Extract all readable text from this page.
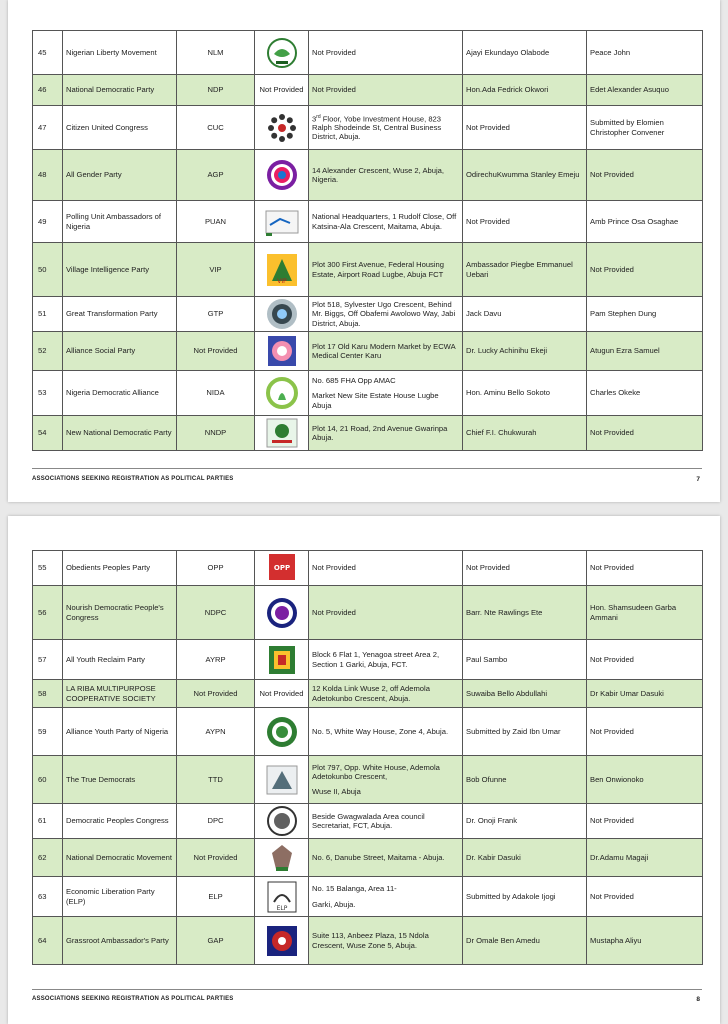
45	Nigerian Liberty Movement	NLM		Not Provided	Ajayi Ekundayo Olabode	Peace John
46	National Democratic Party	NDP	Not Provided	Not Provided	Hon.Ada Fedrick Okwori	Edet Alexander Asuquo
47	Citizen United Congress	CUC		3rd Floor, Yobe Investment House, 823 Ralph Shodeinde St, Central Business District, Abuja.	Not Provided	Submitted by Elomien Christopher Convener
48	All Gender Party	AGP		14 Alexander Crescent, Wuse 2, Abuja, Nigeria.	OdirechuKwumma Stanley Emeju	Not Provided
49	Polling Unit Ambassadors of Nigeria	PUAN		National Headquarters, 1 Rudolf Close, Off Katsina-Ala Crescent, Maitama, Abuja.	Not Provided	Amb Prince Osa Osaghae
50	Village Intelligence Party	VIP	VIP	Plot 300 First Avenue, Federal Housing Estate, Airport Road Lugbe, Abuja FCT	Ambassador Piegbe Emmanuel Uebari	Not Provided
51	Great Transformation Party	GTP		Plot 518, Sylvester Ugo Crescent, Behind Mr. Biggs, Off Obafemi Awolowo Way, Jabi District, Abuja.	Jack Davu	Pam Stephen Dung
52	Alliance Social Party	Not Provided		Plot 17 Old Karu Modern Market by ECWA Medical Center Karu	Dr. Lucky Achinihu Ekeji	Atugun Ezra Samuel
53	Nigeria Democratic Alliance	NIDA		No. 685 FHA Opp AMAC
Market New Site Estate House Lugbe Abuja	Hon. Aminu Bello Sokoto	Charles Okeke
54	New National Democratic Party	NNDP		Plot 14, 21 Road, 2nd Avenue Gwarinpa Abuja.	Chief F.I. Chukwurah	Not Provided
ASSOCIATIONS SEEKING REGISTRATION AS POLITICAL PARTIES	7
55	Obedients Peoples Party	OPP	OPP	Not Provided	Not Provided	Not Provided
56	Nourish Democratic People's Congress	NDPC		Not Provided	Barr. Nte Rawlings Ete	Hon. Shamsudeen Garba Ammani
57	All Youth Reclaim Party	AYRP		Block 6 Flat 1, Yenagoa street Area 2, Section 1 Garki, Abuja, FCT.	Paul Sambo	Not Provided
58	LA RIBA MULTIPURPOSE COOPERATIVE SOCIETY	Not Provided	Not Provided	12 Kolda Link Wuse 2, off Ademola Adetokunbo Crescent, Abuja.	Suwaiba Bello Abdullahi	Dr Kabir Umar Dasuki
59	Alliance Youth Party of Nigeria	AYPN		No. 5, White Way House, Zone 4, Abuja.	Submitted by Zaid Ibn Umar	Not Provided
60	The True Democrats	TTD		Plot 797, Opp. White House, Ademola Adetokunbo Crescent,
Wuse II, Abuja	Bob Ofunne	Ben Onwionoko
61	Democratic Peoples Congress	DPC		Beside Gwagwalada Area council Secretariat, FCT, Abuja.	Dr. Onoji Frank	Not Provided
62	National Democratic Movement	Not Provided		No. 6, Danube Street, Maitama - Abuja.	Dr. Kabir Dasuki	Dr.Adamu Magaji
63	Economic Liberation Party (ELP)	ELP	ELP	No. 15 Balanga, Area 11-
Garki, Abuja.	Submitted by Adakole Ijogi	Not Provided
64	Grassroot Ambassador's Party	GAP		Suite 113, Anbeez Plaza, 15 Ndola Crescent, Wuse Zone 5, Abuja.	Dr Omale Ben Amedu	Mustapha Aliyu
ASSOCIATIONS SEEKING REGISTRATION AS POLITICAL PARTIES	8
